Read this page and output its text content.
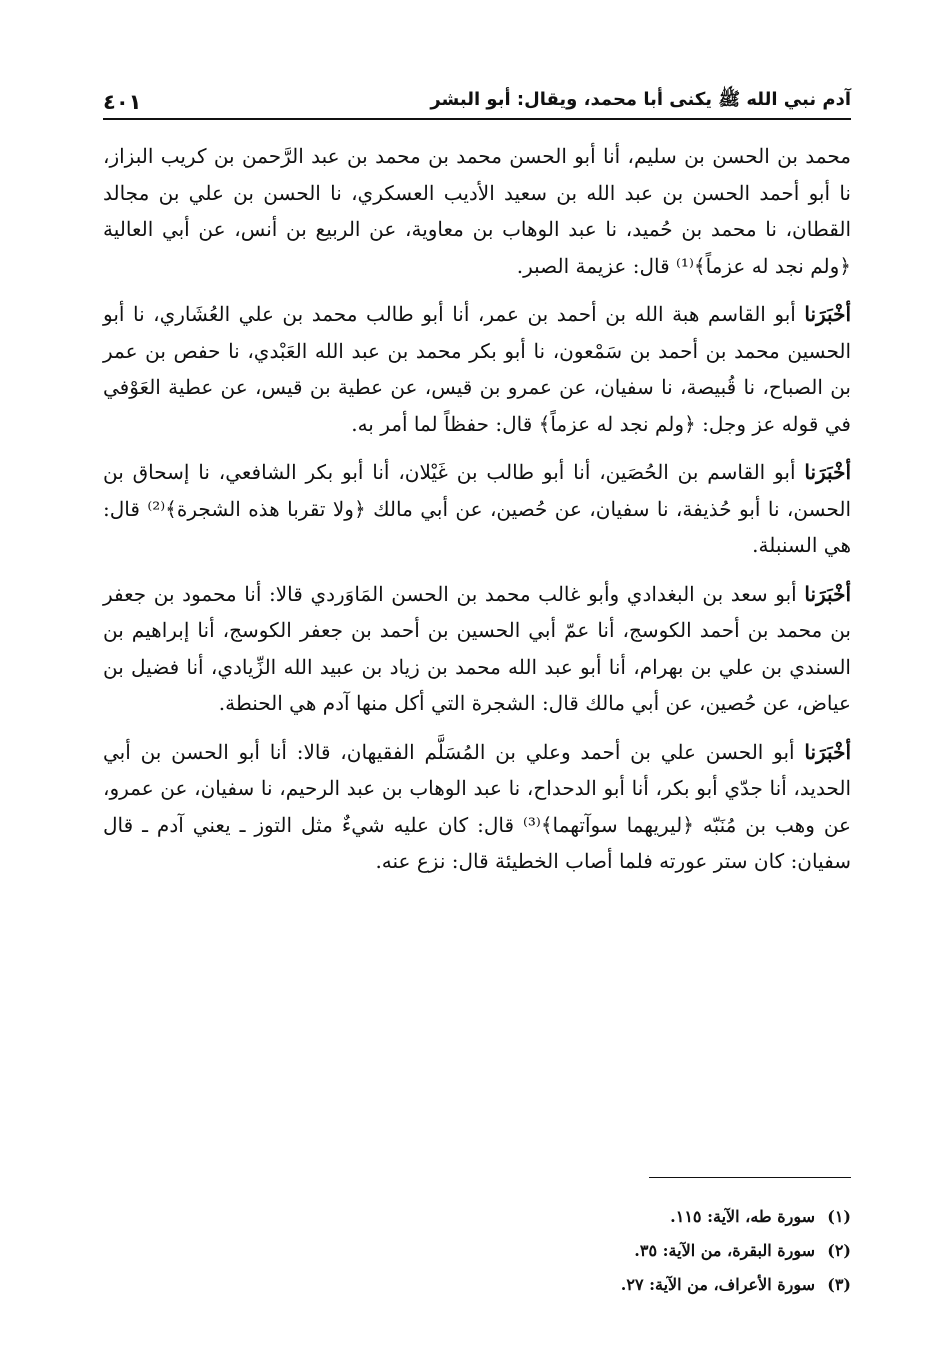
آدم نبي الله ﷺ يكنى أبا محمد، ويقال: أبو البشر
٤٠١

محمد بن الحسن بن سليم، أنا أبو الحسن محمد بن محمد بن عبد الرَّحمن بن كريب البزاز، نا أبو أحمد الحسن بن عبد الله بن سعيد الأديب العسكري، نا الحسن بن علي بن مجالد القطان، نا محمد بن حُميد، نا عبد الوهاب بن معاوية، عن الربيع بن أنس، عن أبي العالية ﴿ولم نجد له عزماً﴾⁽¹⁾ قال: عزيمة الصبر.

أخْبَرَنا أبو القاسم هبة الله بن أحمد بن عمر، أنا أبو طالب محمد بن علي العُشَاري، نا أبو الحسين محمد بن أحمد بن سَمْعون، نا أبو بكر محمد بن عبد الله العَبْدي، نا حفص بن عمر بن الصباح، نا قُبيصة، نا سفيان، عن عمرو بن قيس، عن عطية بن قيس، عن عطية العَوْفي في قوله عز وجل: ﴿ولم نجد له عزماً﴾ قال: حفظاً لما أمر به.

أخْبَرَنا أبو القاسم بن الحُصَين، أنا أبو طالب بن غَيْلان، أنا أبو بكر الشافعي، نا إسحاق بن الحسن، نا أبو حُذيفة، نا سفيان، عن حُصين، عن أبي مالك ﴿ولا تقربا هذه الشجرة﴾⁽²⁾ قال: هي السنبلة.

أخْبَرَنا أبو سعد بن البغدادي وأبو غالب محمد بن الحسن المَاوَردي قالا: أنا محمود بن جعفر بن محمد بن أحمد الكوسج، أنا عمّ أبي الحسين بن أحمد بن جعفر الكوسج، أنا إبراهيم بن السندي بن علي بن بهرام، أنا أبو عبد الله محمد بن زياد بن عبيد الله الزِّيادي، أنا فضيل بن عياض، عن حُصين، عن أبي مالك قال: الشجرة التي أكل منها آدم هي الحنطة.

أخْبَرَنا أبو الحسن علي بن أحمد وعلي بن المُسَلَّم الفقيهان، قالا: أنا أبو الحسن بن أبي الحديد، أنا جدّي أبو بكر، أنا أبو الدحداح، نا عبد الوهاب بن عبد الرحيم، نا سفيان، عن عمرو، عن وهب بن مُنَبّه ﴿ليريهما سوآتهما﴾⁽³⁾ قال: كان عليه شيءٌ مثل التوز ـ يعني آدم ـ قال سفيان: كان ستر عورته فلما أصاب الخطيئة قال: نزع عنه.

(١)
سورة طه، الآية: ١١٥.
(٢)
سورة البقرة، من الآية: ٣٥.
(٣)
سورة الأعراف، من الآية: ٢٧.
